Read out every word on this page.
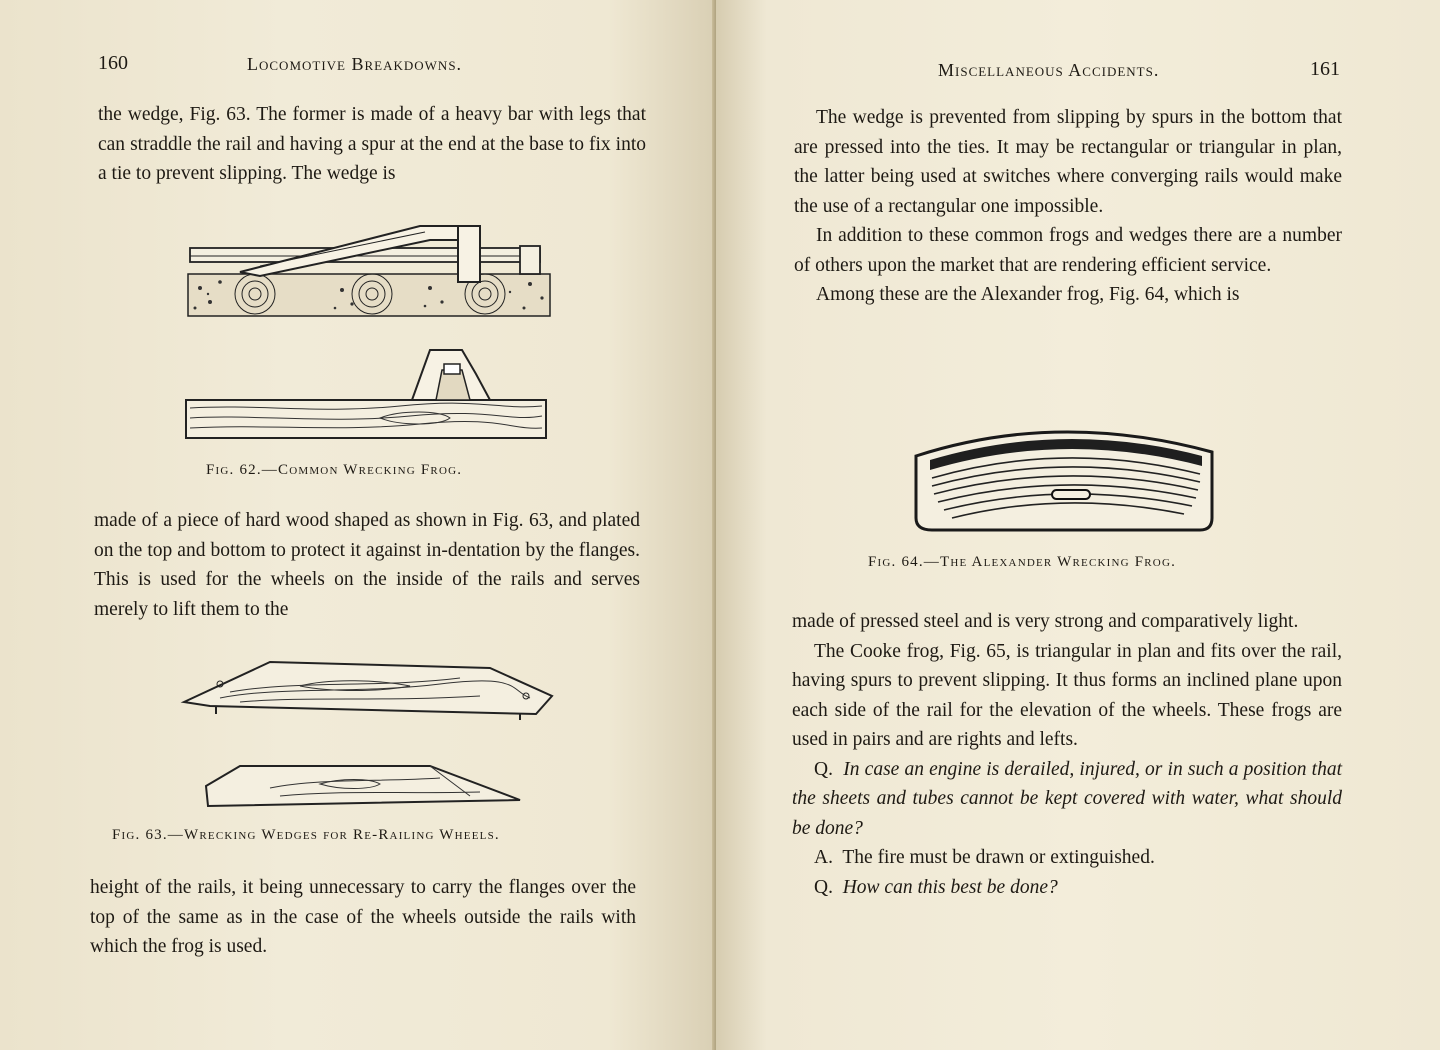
160	Locomotive Breakdowns.

the wedge, Fig. 63. The former is made of a heavy bar with legs that can straddle the rail and having a spur at the end at the base to fix into a tie to prevent slipping. The wedge is

Fig. 62.—Common Wrecking Frog.

made of a piece of hard wood shaped as shown in Fig. 63, and plated on the top and bottom to protect it against in-dentation by the flanges. This is used for the wheels on the inside of the rails and serves merely to lift them to the

Fig. 63.—Wrecking Wedges for Re-Railing Wheels.

height of the rails, it being unnecessary to carry the flanges over the top of the same as in the case of the wheels outside the rails with which the frog is used.

Miscellaneous Accidents.	161

The wedge is prevented from slipping by spurs in the bottom that are pressed into the ties. It may be rectangular or triangular in plan, the latter being used at switches where converging rails would make the use of a rectangular one impossible.

In addition to these common frogs and wedges there are a number of others upon the market that are rendering efficient service.

Among these are the Alexander frog, Fig. 64, which is

Fig. 64.—The Alexander Wrecking Frog.

made of pressed steel and is very strong and comparatively light.

The Cooke frog, Fig. 65, is triangular in plan and fits over the rail, having spurs to prevent slipping. It thus forms an inclined plane upon each side of the rail for the elevation of the wheels. These frogs are used in pairs and are rights and lefts.

Q. In case an engine is derailed, injured, or in such a position that the sheets and tubes cannot be kept covered with water, what should be done?

A. The fire must be drawn or extinguished.

Q. How can this best be done?
